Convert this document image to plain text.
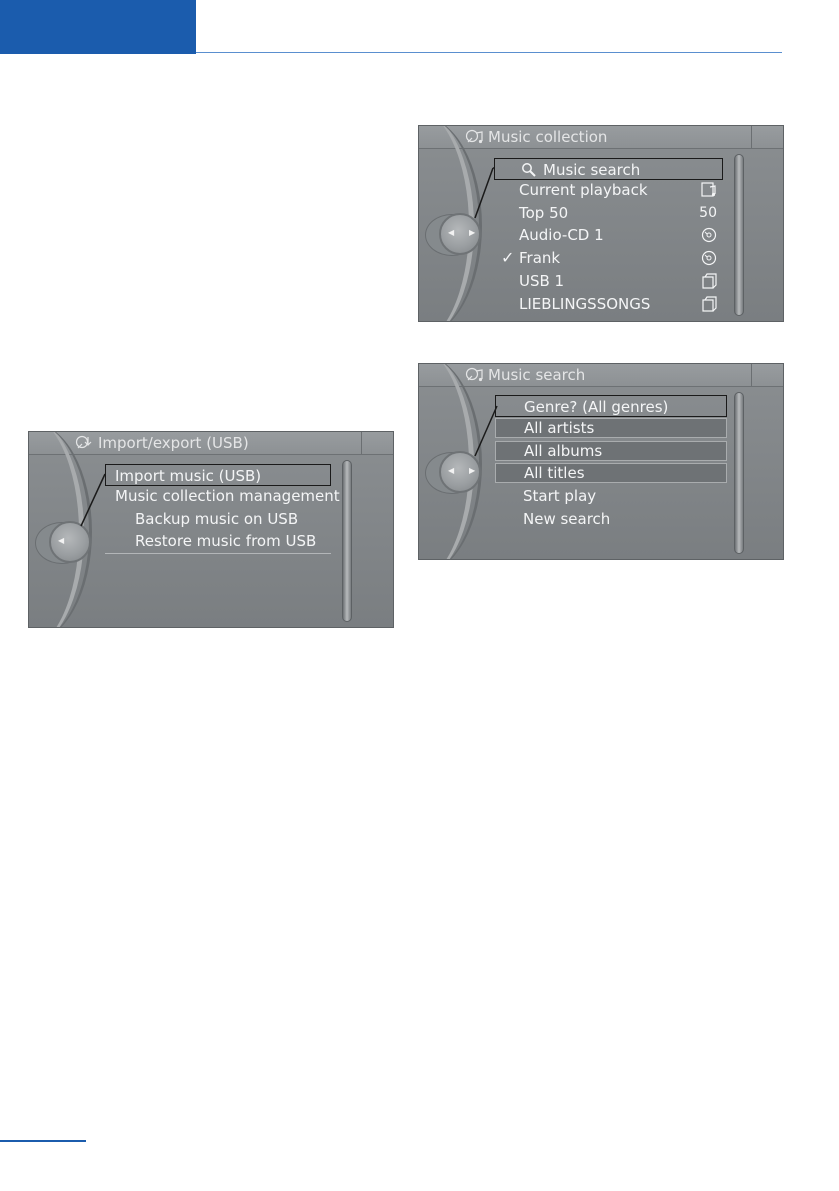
Music collection
◀ ▶
Music search
Current playback
Top 50	50
Audio-CD 1
✓ Frank
USB 1
LIEBLINGSSONGS
Music search
◀ ▶
Genre? (All genres)
All artists
All albums
All titles
Start play
New search
Import/export (USB)
◀
Import music (USB)
Music collection management
Backup music on USB
Restore music from USB
